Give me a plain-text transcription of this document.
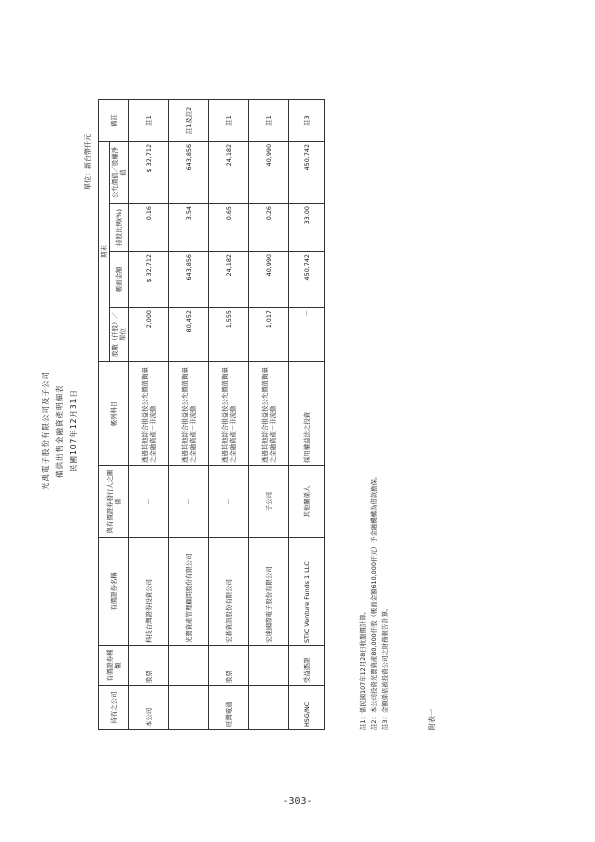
光禹電子股份有限公司及子公司 備供出售金融資產明細表 民國107年12月31日
單位：新台幣仟元
附表一
持有之公司	有價證券種類	有價證券名稱	與有價證券發行人之關係	帳列科目	期末				備註
					股數（仟股）／單位	帳面金額	持股比例(%)	公允價值／股權淨值	
本公司	股票	科技台灣證券投資公司	－	透過其他綜合損益按公允價值衡量之金融資產－非流動	2,000	$ 32,712	0.16	$ 32,712	註1
		光寶資產管理顧問股份有限公司	－	透過其他綜合損益按公允價值衡量之金融資產－非流動	80,452	643,856	3.54	643,856	註1及註2
旺灣電通	股票	宏碁資訊股份有限公司	－	透過其他綜合損益按公允價值衡量之金融資產－非流動	1,555	24,182	0.65	24,182	註1
		宏達國際電子股份有限公司	子公司	透過其他綜合損益按公允價值衡量之金融資產－非流動	1,017	40,990	0.26	40,990	註1
HSG/NC	受益憑證	STIC Venture Funds 1 LLC	其他關係人	採用權益法之投資	－	450,742	33.00	450,742	註3
註1：係民國107年12月28日收盤價計算。 註2：本公司投資光寶資產80,000仟股（帳面金額610,000仟元）予金融機構為借款擔保。 註3：金額係依被投資公司之財務報告計算。
-303-
